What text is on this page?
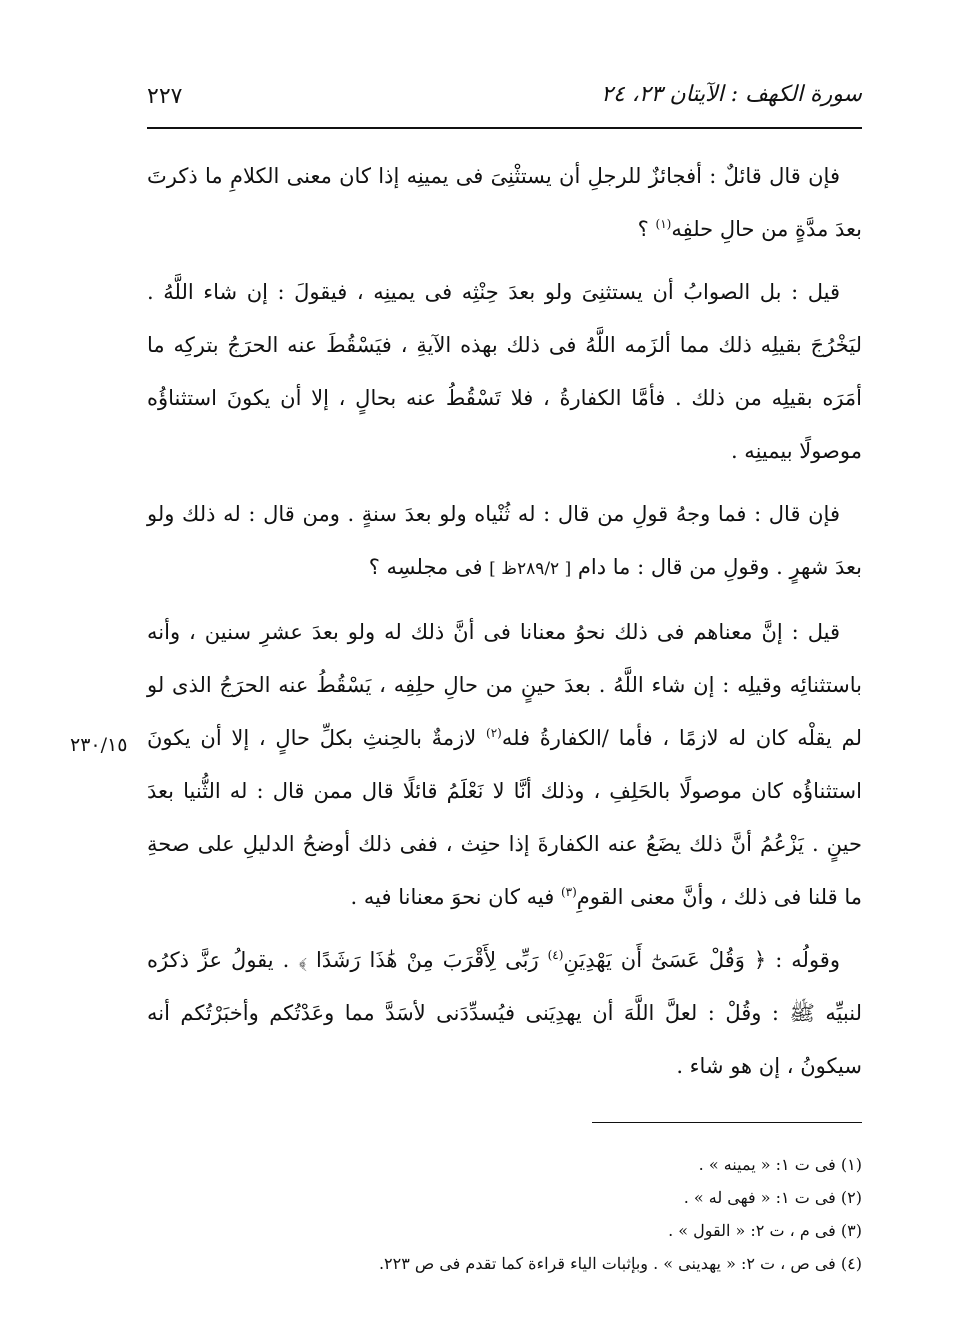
٢٢٧	سورة الكهف : الآيتان ٢٣، ٢٤

فإن قال قائلٌ : أفجائزٌ للرجلِ أن يستثْنِىَ فى يمينِه إذا كان معنى الكلامِ ما ذكرتَ بعدَ مدَّةٍ من حالِ حلفِه$^{(١)}$ ؟

قيل : بل الصوابُ أن يستثنِىَ ولو بعدَ حِنْثِه فى يمينِه ، فيقولَ : إن شاء اللَّهُ . ليَخْرُجَ بقيلِه ذلك مما ألزَمه اللَّهُ فى ذلك بهذه الآيةِ ، فيَسْقُطَ عنه الحرَجُ بتركِه ما أمَرَه بقيلِه من ذلك . فأمَّا الكفارةُ ، فلا تَسْقُطُ عنه بحالٍ ، إلا أن يكونَ استثناؤُه موصولًا بيمينِه .

فإن قال : فما وجهُ قولِ من قال : له ثُنْياه ولو بعدَ سنةٍ . ومن قال : له ذلك ولو بعدَ شهرٍ . وقولِ من قال : ما دام [ ٢٨٩/٢ظ ] فى مجلسِه ؟

قيل : إنَّ معناهم فى ذلك نحوُ معنانا فى أنَّ ذلك له ولو بعدَ عشرِ سنين ، وأنه باستثنائِه وقيلِه : إن شاء اللَّهُ . بعدَ حينٍ من حالِ حلِفِه ، يَسْقُطُ عنه الحرَجُ الذى لو لم يقلْه كان له لازمًا ، فأما /الكفارةُ فله$^{(٢)}$ لازمةٌ بالحِنثِ بكلِّ حالٍ ، إلا أن يكونَ استثناؤُه كان موصولًا بالحَلِفِ ، وذلك أنَّا لا نَعْلَمُ قائلًا قال ممن قال : له الثُّنيا بعدَ حينٍ . يَزْعُمُ أنَّ ذلك يضَعُ عنه الكفارةَ إذا حنِث ، ففى ذلك أوضحُ الدليلِ على صحةِ ما قلنا فى ذلك ، وأنَّ معنى القومِ$^{(٣)}$ فيه كان نحوَ معنانا فيه .

وقولُه : ﴿ وَقُلْ عَسَىٰٓ أَن يَهْدِيَنِ$^{(٤)}$ رَبِّى لِأَقْرَبَ مِنْ هَٰذَا رَشَدًا ﴾ . يقولُ عزَّ ذكرُه لنبيِّه ﷺ : وقُلْ : لعلَّ اللَّهَ أن يهدِيَنى فيُسدِّدَنى لأسَدَّ مما وعَدْتُكم وأخبَرْتُكم أنه سيكونُ ، إن هو شاء .

٢٣٠/١٥
(١) فى ت ١: « يمينه » .
(٢) فى ت ١: « فهى له » .
(٣) فى م ، ت ٢: « القول » .
(٤) فى ص ، ت ٢: « يهدينى » . وبإثبات الياء قراءة كما تقدم فى ص ٢٢٣.
